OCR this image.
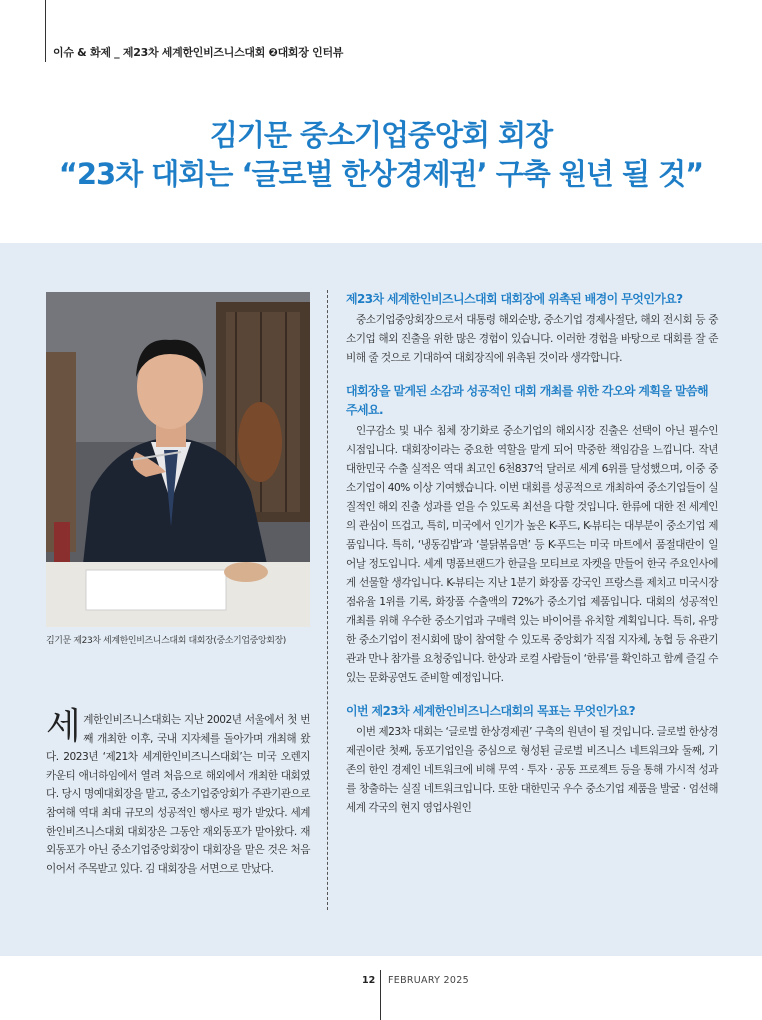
이슈 & 화제 _ 제23차 세계한인비즈니스대회 ❷대회장 인터뷰
김기문 중소기업중앙회 회장
“23차 대회는 ‘글로벌 한상경제권’ 구축 원년 될 것”
김기문 제23차 세계한인비즈니스대회 대회장(중소기업중앙회장)
세계한인비즈니스대회는 지난 2002년 서울에서 첫 번째 개최한 이후, 국내 지자체를 돌아가며 개최해 왔다. 2023년 ‘제21차 세계한인비즈니스대회’는 미국 오렌지카운티 애너하임에서 열려 처음으로 해외에서 개최한 대회였다. 당시 명예대회장을 맡고, 중소기업중앙회가 주관기관으로 참여해 역대 최대 규모의 성공적인 행사로 평가 받았다. 세계한인비즈니스대회 대회장은 그동안 재외동포가 맡아왔다. 재외동포가 아닌 중소기업중앙회장이 대회장을 맡은 것은 처음이어서 주목받고 있다. 김 대회장을 서면으로 만났다.
제23차 세계한인비즈니스대회 대회장에 위촉된 배경이 무엇인가요?
중소기업중앙회장으로서 대통령 해외순방, 중소기업 경제사절단, 해외 전시회 등 중소기업 해외 진출을 위한 많은 경험이 있습니다. 이러한 경험을 바탕으로 대회를 잘 준비해 줄 것으로 기대하여 대회장직에 위촉된 것이라 생각합니다.
대회장을 맡게된 소감과 성공적인 대회 개최를 위한 각오와 계획을 말씀해 주세요.
인구감소 및 내수 침체 장기화로 중소기업의 해외시장 진출은 선택이 아닌 필수인 시점입니다. 대회장이라는 중요한 역할을 맡게 되어 막중한 책임감을 느낍니다. 작년 대한민국 수출 실적은 역대 최고인 6천837억 달러로 세계 6위를 달성했으며, 이중 중소기업이 40% 이상 기여했습니다. 이번 대회를 성공적으로 개최하여 중소기업들이 실질적인 해외 진출 성과를 얻을 수 있도록 최선을 다할 것입니다. 한류에 대한 전 세계인의 관심이 뜨겁고, 특히, 미국에서 인기가 높은 K-푸드, K-뷰티는 대부분이 중소기업 제품입니다. 특히, ‘냉동김밥’과 ‘불닭볶음면’ 등 K-푸드는 미국 마트에서 품절대란이 일어날 정도입니다. 세계 명품브랜드가 한글을 모티브로 자켓을 만들어 한국 주요인사에게 선물할 생각입니다. K-뷰티는 지난 1분기 화장품 강국인 프랑스를 제치고 미국시장 점유율 1위를 기록, 화장품 수출액의 72%가 중소기업 제품입니다. 대회의 성공적인 개최를 위해 우수한 중소기업과 구매력 있는 바이어를 유치할 계획입니다. 특히, 유망한 중소기업이 전시회에 많이 참여할 수 있도록 중앙회가 직접 지자체, 농협 등 유관기관과 만나 참가를 요청중입니다. 한상과 로컬 사람들이 ‘한류’를 확인하고 함께 즐길 수 있는 문화공연도 준비할 예정입니다.
이번 제23차 세계한인비즈니스대회의 목표는 무엇인가요?
이번 제23차 대회는 ‘글로벌 한상경제권’ 구축의 원년이 될 것입니다. 글로벌 한상경제권이란 첫째, 동포기업인을 중심으로 형성된 글로벌 비즈니스 네트워크와 둘째, 기존의 한인 경제인 네트워크에 비해 무역 · 투자 · 공동 프로젝트 등을 통해 가시적 성과를 창출하는 실질 네트워크입니다. 또한 대한민국 우수 중소기업 제품을 발굴 · 엄선해 세계 각국의 현지 영업사원인
12 FEBRUARY 2025
